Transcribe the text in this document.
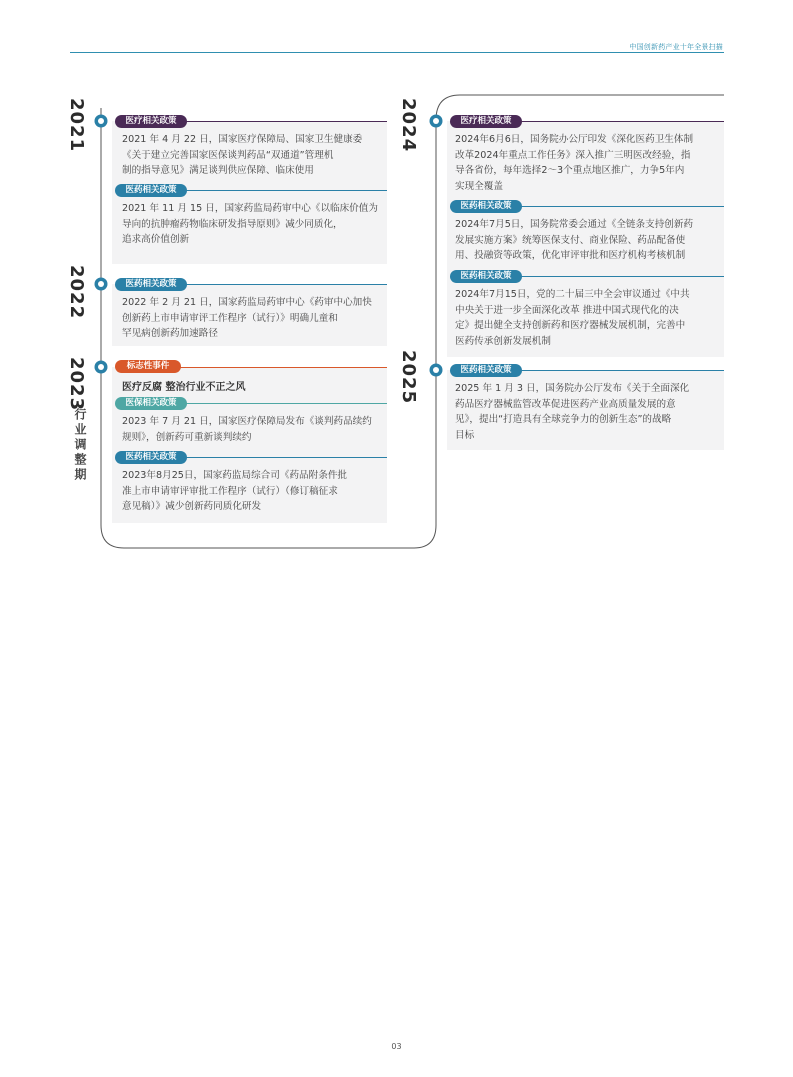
中国创新药产业十年全景扫描
2021
2022
2023
行业调整期
2024
2025
医疗相关政策
2021 年 4 月 22 日，国家医疗保障局、国家卫生健康委
《关于建立完善国家医保谈判药品“双通道”管理机
制的指导意见》满足谈判供应保障、临床使用
医药相关政策
2021 年 11 月 15 日，国家药监局药审中心《以临床价值为
导向的抗肿瘤药物临床研发指导原则》减少同质化，
追求高价值创新
医药相关政策
2022 年 2 月 21 日，国家药监局药审中心《药审中心加快
创新药上市申请审评工作程序（试行）》明确儿童和
罕见病创新药加速路径
标志性事件
医疗反腐 整治行业不正之风
医保相关政策
2023 年 7 月 21 日，国家医疗保障局发布《谈判药品续约
规则》，创新药可重新谈判续约
医药相关政策
2023年8月25日，国家药监局综合司《药品附条件批
准上市申请审评审批工作程序（试行）（修订稿征求
意见稿）》减少创新药同质化研发
医疗相关政策
2024年6月6日，国务院办公厅印发《深化医药卫生体制
改革2024年重点工作任务》深入推广三明医改经验，指
导各省份，每年选择2～3个重点地区推广，力争5年内
实现全覆盖
医药相关政策
2024年7月5日，国务院常委会通过《全链条支持创新药
发展实施方案》统筹医保支付、商业保险、药品配备使
用、投融资等政策，优化审评审批和医疗机构考核机制
医药相关政策
2024年7月15日，党的二十届三中全会审议通过《中共
中央关于进一步全面深化改革 推进中国式现代化的决
定》提出健全支持创新药和医疗器械发展机制，完善中
医药传承创新发展机制
医药相关政策
2025 年 1 月 3 日，国务院办公厅发布《关于全面深化
药品医疗器械监管改革促进医药产业高质量发展的意
见》，提出“打造具有全球竞争力的创新生态”的战略
目标
03
